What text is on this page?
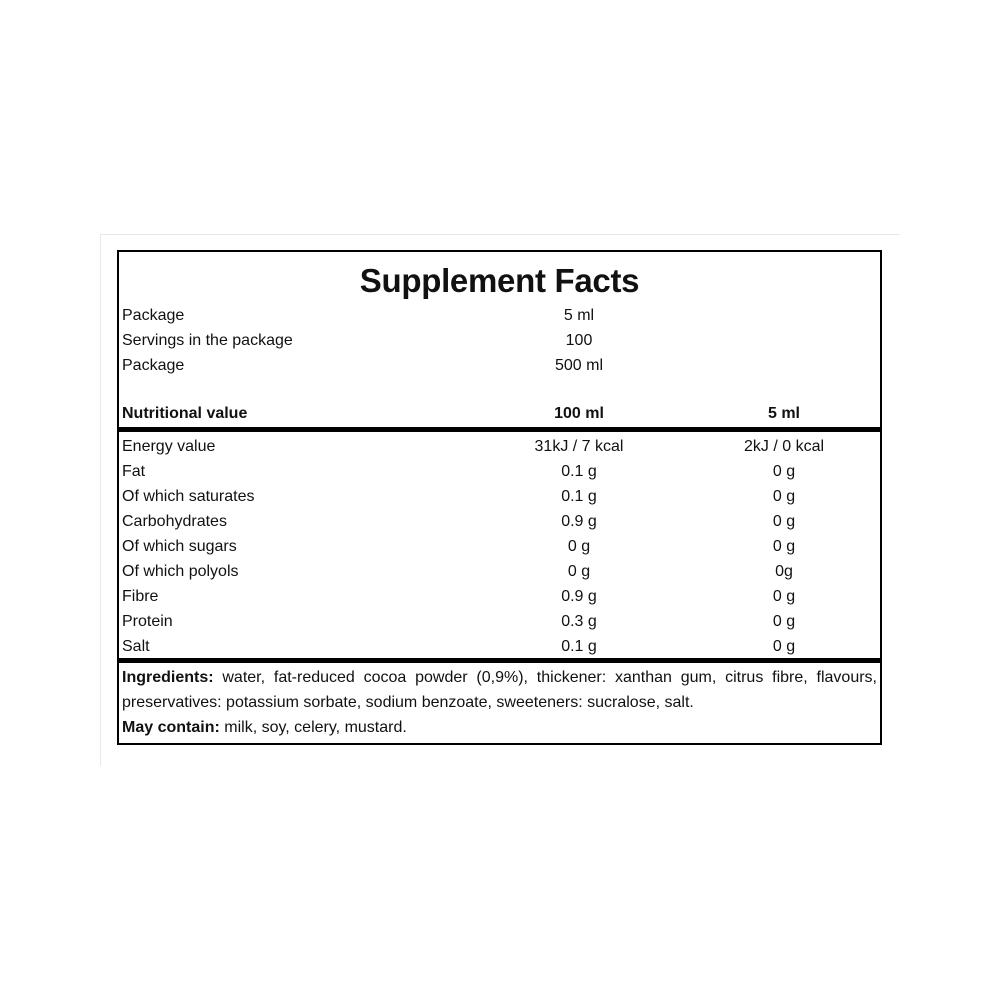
Supplement Facts
Package	5 ml
Servings in the package	100
Package	500 ml
Nutritional value	100 ml	5 ml
Energy value	31kJ / 7 kcal	2kJ / 0 kcal
Fat	0.1 g	0 g
Of which saturates	0.1 g	0 g
Carbohydrates	0.9 g	0 g
Of which sugars	0 g	0 g
Of which polyols	0 g	0g
Fibre	0.9 g	0 g
Protein	0.3 g	0 g
Salt	0.1 g	0 g

Ingredients: water, fat-reduced cocoa powder (0,9%), thickener: xanthan gum, citrus fibre, flavours, preservatives: potassium sorbate, sodium benzoate, sweeteners: sucralose, salt.

May contain: milk, soy, celery, mustard.
